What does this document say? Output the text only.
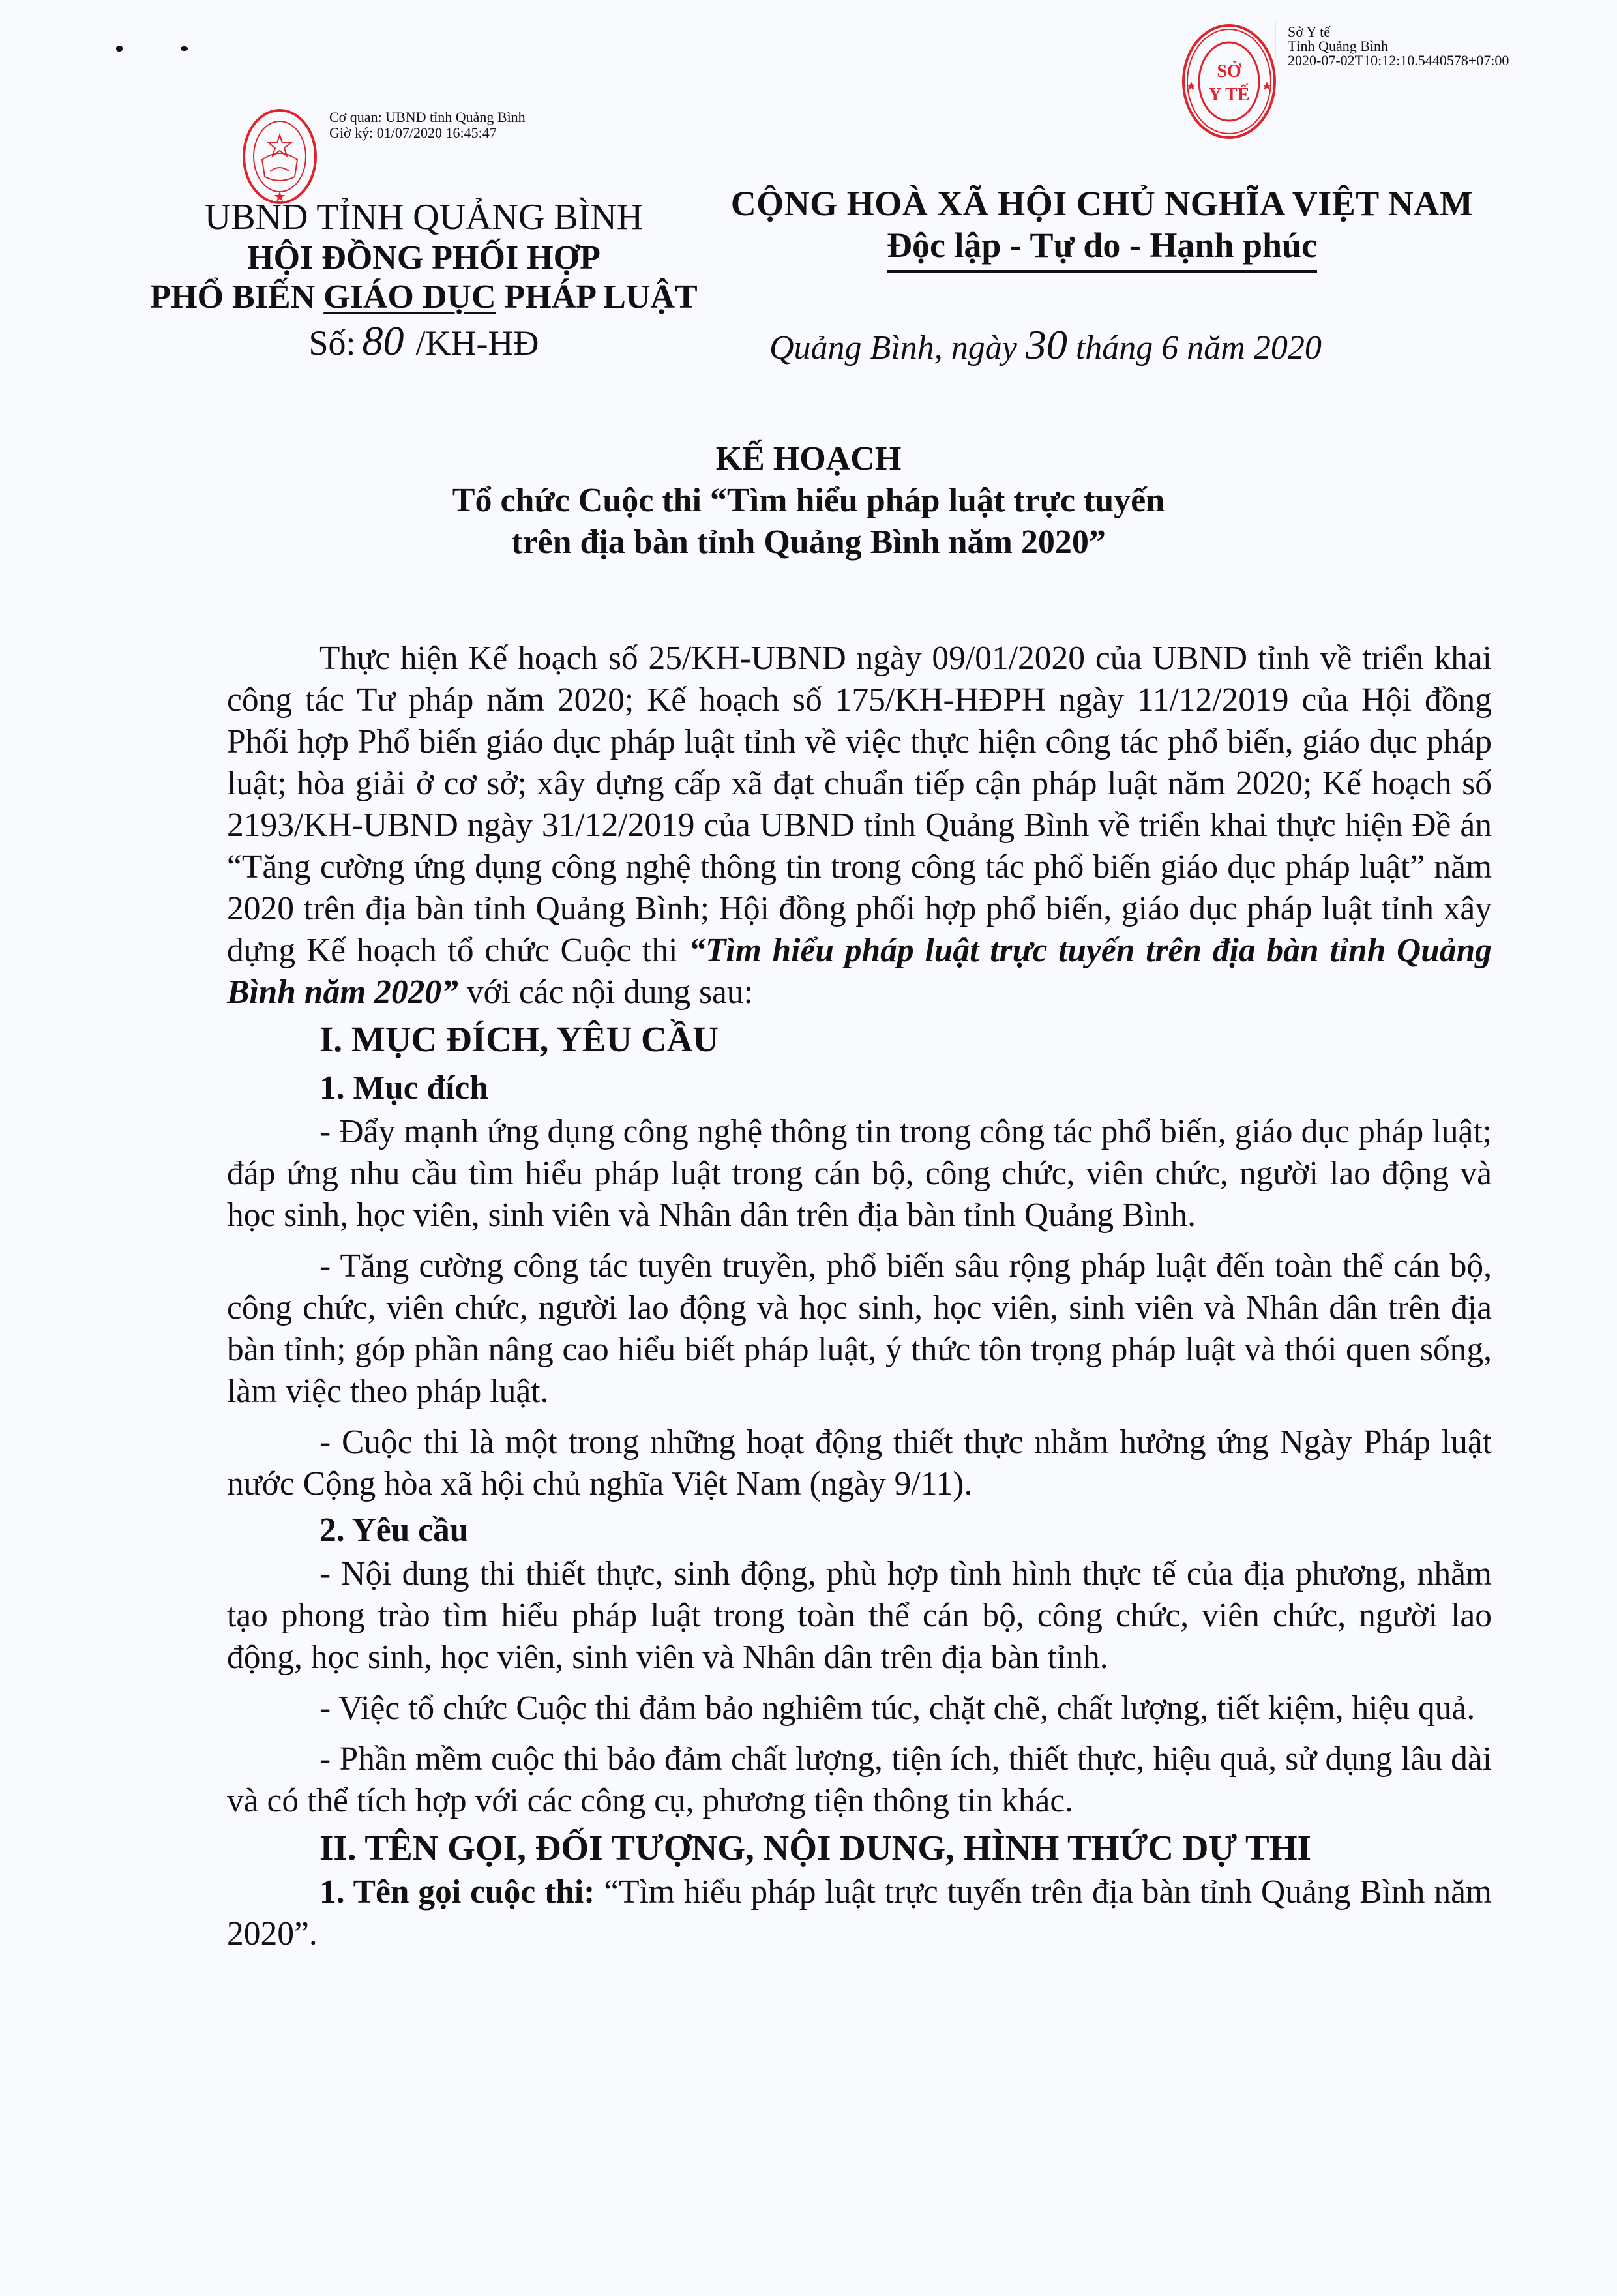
Cơ quan: UBND tỉnh Quảng Bình
Giờ ký: 01/07/2020 16:45:47
SỞ
Y TẾ
Sở Y tế
Tỉnh Quảng Bình
2020-07-02T10:12:10.5440578+07:00
UBND TỈNH QUẢNG BÌNH
HỘI ĐỒNG PHỐI HỢP
PHỔ BIẾN GIÁO DỤC PHÁP LUẬT
Số: 80 /KH-HĐ
CỘNG HOÀ XÃ HỘI CHỦ NGHĨA VIỆT NAM
Độc lập - Tự do - Hạnh phúc
Quảng Bình, ngày 30 tháng 6 năm 2020
KẾ HOẠCH
Tổ chức Cuộc thi “Tìm hiểu pháp luật trực tuyến
trên địa bàn tỉnh Quảng Bình năm 2020”

Thực hiện Kế hoạch số 25/KH-UBND ngày 09/01/2020 của UBND tỉnh về triển khai công tác Tư pháp năm 2020; Kế hoạch số 175/KH-HĐPH ngày 11/12/2019 của Hội đồng Phối hợp Phổ biến giáo dục pháp luật tỉnh về việc thực hiện công tác phổ biến, giáo dục pháp luật; hòa giải ở cơ sở; xây dựng cấp xã đạt chuẩn tiếp cận pháp luật năm 2020; Kế hoạch số 2193/KH-UBND ngày 31/12/2019 của UBND tỉnh Quảng Bình về triển khai thực hiện Đề án “Tăng cường ứng dụng công nghệ thông tin trong công tác phổ biến giáo dục pháp luật” năm 2020 trên địa bàn tỉnh Quảng Bình; Hội đồng phối hợp phổ biến, giáo dục pháp luật tỉnh xây dựng Kế hoạch tổ chức Cuộc thi “Tìm hiểu pháp luật trực tuyến trên địa bàn tỉnh Quảng Bình năm 2020” với các nội dung sau:

I. MỤC ĐÍCH, YÊU CẦU

1. Mục đích

- Đẩy mạnh ứng dụng công nghệ thông tin trong công tác phổ biến, giáo dục pháp luật; đáp ứng nhu cầu tìm hiểu pháp luật trong cán bộ, công chức, viên chức, người lao động và học sinh, học viên, sinh viên và Nhân dân trên địa bàn tỉnh Quảng Bình.

- Tăng cường công tác tuyên truyền, phổ biến sâu rộng pháp luật đến toàn thể cán bộ, công chức, viên chức, người lao động và học sinh, học viên, sinh viên và Nhân dân trên địa bàn tỉnh; góp phần nâng cao hiểu biết pháp luật, ý thức tôn trọng pháp luật và thói quen sống, làm việc theo pháp luật.

- Cuộc thi là một trong những hoạt động thiết thực nhằm hưởng ứng Ngày Pháp luật nước Cộng hòa xã hội chủ nghĩa Việt Nam (ngày 9/11).

2. Yêu cầu

- Nội dung thi thiết thực, sinh động, phù hợp tình hình thực tế của địa phương, nhằm tạo phong trào tìm hiểu pháp luật trong toàn thể cán bộ, công chức, viên chức, người lao động, học sinh, học viên, sinh viên và Nhân dân trên địa bàn tỉnh.

- Việc tổ chức Cuộc thi đảm bảo nghiêm túc, chặt chẽ, chất lượng, tiết kiệm, hiệu quả.

- Phần mềm cuộc thi bảo đảm chất lượng, tiện ích, thiết thực, hiệu quả, sử dụng lâu dài và có thể tích hợp với các công cụ, phương tiện thông tin khác.

II. TÊN GỌI, ĐỐI TƯỢNG, NỘI DUNG, HÌNH THỨC DỰ THI

1. Tên gọi cuộc thi: “Tìm hiểu pháp luật trực tuyến trên địa bàn tỉnh Quảng Bình năm 2020”.
